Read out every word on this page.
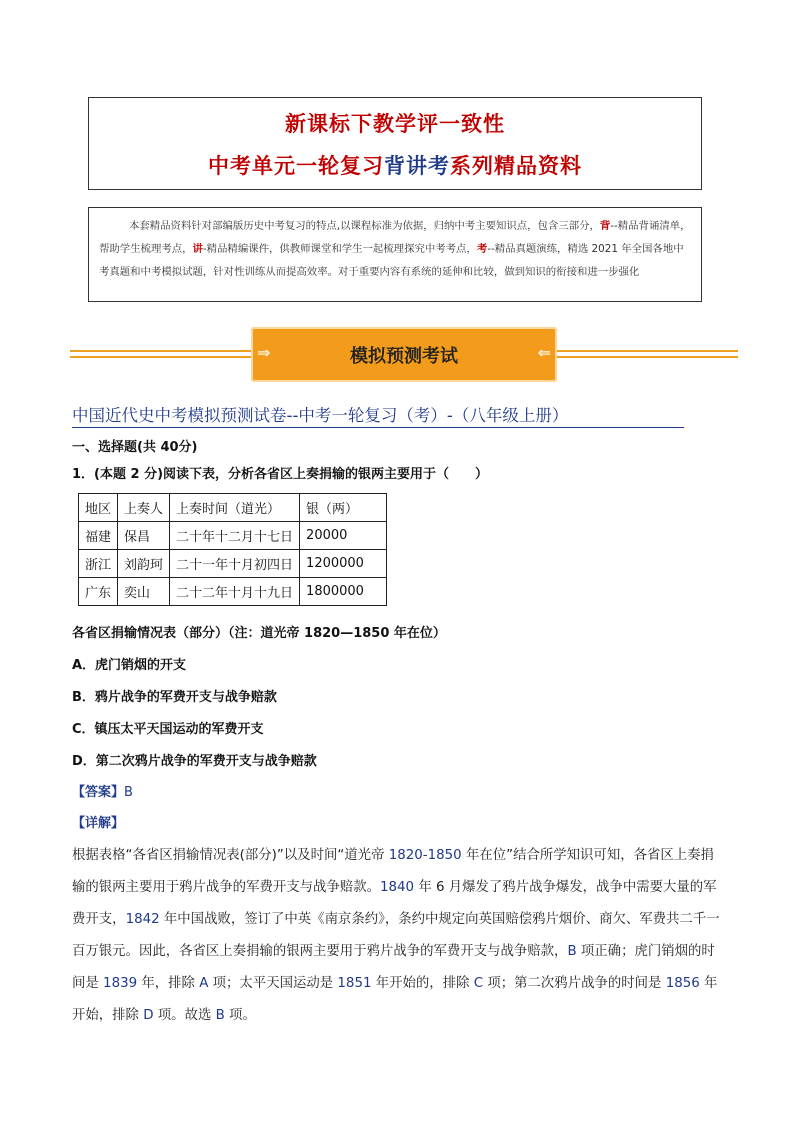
新课标下教学评一致性
中考单元一轮复习背讲考系列精品资料
本套精品资料针对部编版历史中考复习的特点,以课程标准为依据，归纳中考主要知识点，包含三部分，背--精品背诵清单，帮助学生梳理考点，讲-精品精编课件，供教师课堂和学生一起梳理探究中考考点，考--精品真题演练，精选 2021 年全国各地中考真题和中考模拟试题，针对性训练从而提高效率。对于重要内容有系统的延伸和比较，做到知识的衔接和进一步强化
⇒	模拟预测考试	⇐
中国近代史中考模拟预测试卷--中考一轮复习（考）-（八年级上册）
一、选择题(共 40分)
1．(本题 2 分)阅读下表，分析各省区上奏捐输的银两主要用于（　　）
地区	上奏人	上奏时间（道光）	银（两）
福建	保昌	二十年十二月十七日	20000
浙江	刘韵珂	二十一年十月初四日	1200000
广东	奕山	二十二年十月十九日	1800000
各省区捐输情况表（部分）（注：道光帝 1820—1850 年在位）
A．虎门销烟的开支
B．鸦片战争的军费开支与战争赔款
C．镇压太平天国运动的军费开支
D．第二次鸦片战争的军费开支与战争赔款
【答案】B
【详解】
根据表格“各省区捐输情况表(部分)”以及时间“道光帝 1820-1850 年在位”结合所学知识可知，各省区上奏捐输的银两主要用于鸦片战争的军费开支与战争赔款。1840 年 6 月爆发了鸦片战争爆发，战争中需要大量的军费开支，1842 年中国战败，签订了中英《南京条约》，条约中规定向英国赔偿鸦片烟价、商欠、军费共二千一百万银元。因此，各省区上奏捐输的银两主要用于鸦片战争的军费开支与战争赔款，B 项正确；虎门销烟的时间是 1839 年，排除 A 项；太平天国运动是 1851 年开始的，排除 C 项；第二次鸦片战争的时间是 1856 年开始，排除 D 项。故选 B 项。
